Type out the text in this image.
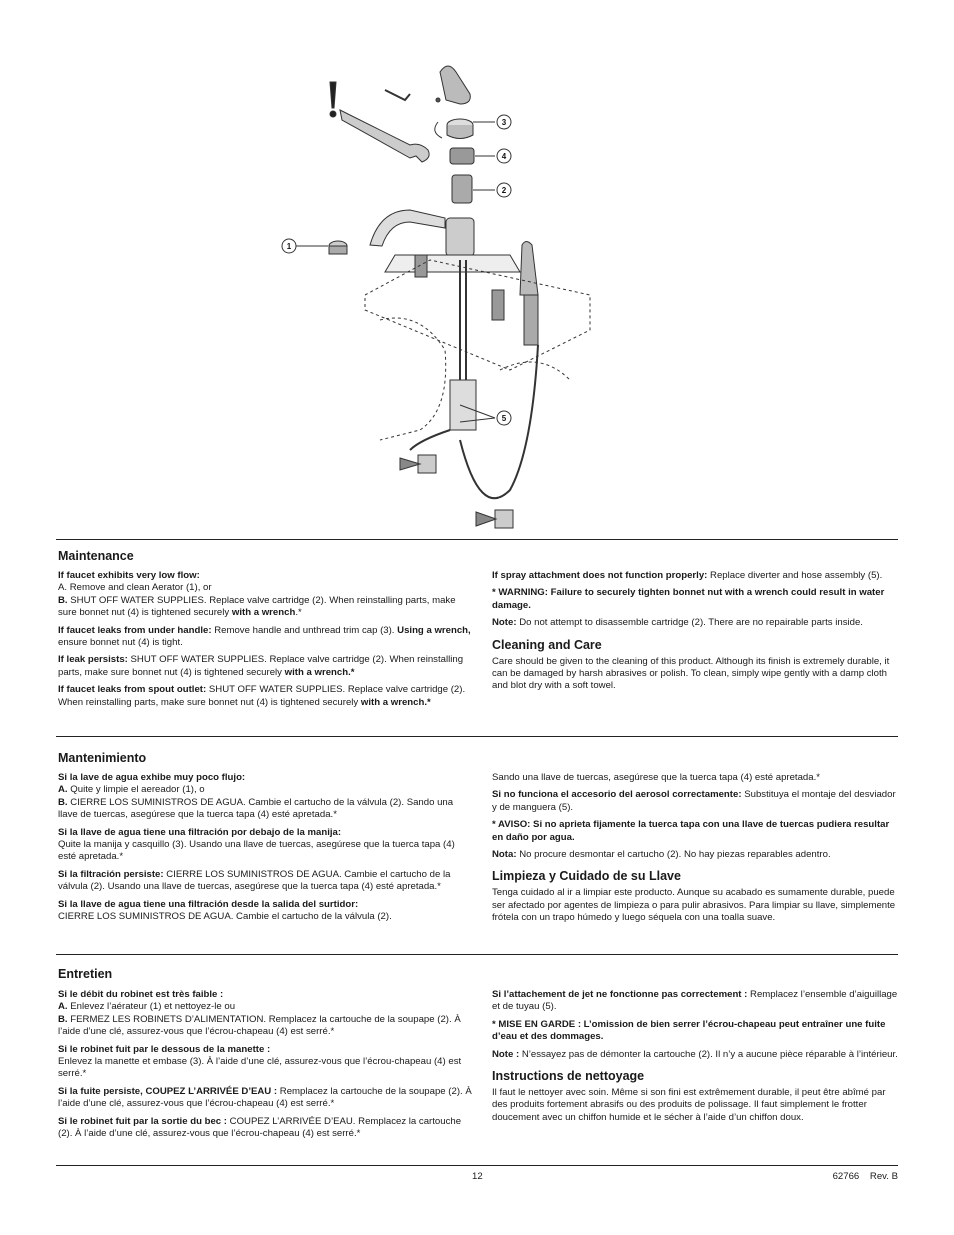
1
2
3
4
5
Maintenance

If faucet exhibits very low flow:
A. Remove and clean Aerator (1), or
B. SHUT OFF WATER SUPPLIES. Replace valve cartridge (2). When reinstalling parts, make sure bonnet nut (4) is tightened securely with a wrench.*

If faucet leaks from under handle: Remove handle and unthread trim cap (3). Using a wrench, ensure bonnet nut (4) is tight.

If leak persists: SHUT OFF WATER SUPPLIES. Replace valve cartridge (2). When reinstalling parts, make sure bonnet nut (4) is tightened securely with a wrench.*

If faucet leaks from spout outlet: SHUT OFF WATER SUPPLIES. Replace valve cartridge (2). When reinstalling parts, make sure bonnet nut (4) is tightened securely with a wrench.*

If spray attachment does not function properly: Replace diverter and hose assembly (5).

* WARNING: Failure to securely tighten bonnet nut with a wrench could result in water damage.

Note: Do not attempt to disassemble cartridge (2). There are no repairable parts inside.

Cleaning and Care

Care should be given to the cleaning of this product. Although its finish is extremely durable, it can be damaged by harsh abrasives or polish. To clean, simply wipe gently with a damp cloth and blot dry with a soft towel.

Mantenimiento

Si la lave de agua exhibe muy poco flujo:
A. Quite y limpie el aereador (1), o
B. CIERRE LOS SUMINISTROS DE AGUA. Cambie el cartucho de la válvula (2). Sando una llave de tuercas, asegúrese que la tuerca tapa (4) esté apretada.*

Si la llave de agua tiene una filtración por debajo de la manija:
Quite la manija y casquillo (3). Usando una llave de tuercas, asegúrese que la tuerca tapa (4) esté apretada.*

Si la filtración persiste: CIERRE LOS SUMINISTROS DE AGUA. Cambie el cartucho de la válvula (2). Usando una llave de tuercas, asegúrese que la tuerca tapa (4) esté apretada.*

Si la llave de agua tiene una filtración desde la salida del surtidor:
CIERRE LOS SUMINISTROS DE AGUA. Cambie el cartucho de la válvula (2).

Sando una llave de tuercas, asegúrese que la tuerca tapa (4) esté apretada.*

Si no funciona el accesorio del aerosol correctamente: Substituya el montaje del desviador y de manguera (5).

* AVISO: Si no aprieta fijamente la tuerca tapa con una llave de tuercas pudiera resultar en daño por agua.

Nota: No procure desmontar el cartucho (2). No hay piezas reparables adentro.

Limpieza y Cuidado de su Llave

Tenga cuidado al ir a limpiar este producto. Aunque su acabado es sumamente durable, puede ser afectado por agentes de limpieza o para pulir abrasivos. Para limpiar su llave, simplemente frótela con un trapo húmedo y luego séquela con una toalla suave.

Entretien

Si le débit du robinet est très faible :
A. Enlevez l’aérateur (1) et nettoyez-le ou
B. FERMEZ LES ROBINETS D’ALIMENTATION. Remplacez la cartouche de la soupape (2). À l’aide d’une clé, assurez-vous que l’écrou-chapeau (4) est serré.*

Si le robinet fuit par le dessous de la manette :
Enlevez la manette et embase (3). À l’aide d’une clé, assurez-vous que l’écrou-chapeau (4) est serré.*

Si la fuite persiste, COUPEZ L’ARRIVÉE D’EAU : Remplacez la cartouche de la soupape (2). À l’aide d’une clé, assurez-vous que l’écrou-chapeau (4) est serré.*

Si le robinet fuit par la sortie du bec : COUPEZ L’ARRIVÉE D’EAU. Remplacez la cartouche (2). À l’aide d’une clé, assurez-vous que l’écrou-chapeau (4) est serré.*

Si l’attachement de jet ne fonctionne pas correctement : Remplacez l’ensemble d’aiguillage et de tuyau (5).

* MISE EN GARDE : L’omission de bien serrer l’écrou-chapeau peut entraîner une fuite d’eau et des dommages.

Note : N’essayez pas de démonter la cartouche (2). Il n’y a aucune pièce réparable à l’intérieur.

Instructions de nettoyage

Il faut le nettoyer avec soin. Même si son fini est extrêmement durable, il peut être abîmé par des produits fortement abrasifs ou des produits de polissage. Il faut simplement le frotter doucement avec un chiffon humide et le sécher à l’aide d’un chiffon doux.

12	62766    Rev. B
